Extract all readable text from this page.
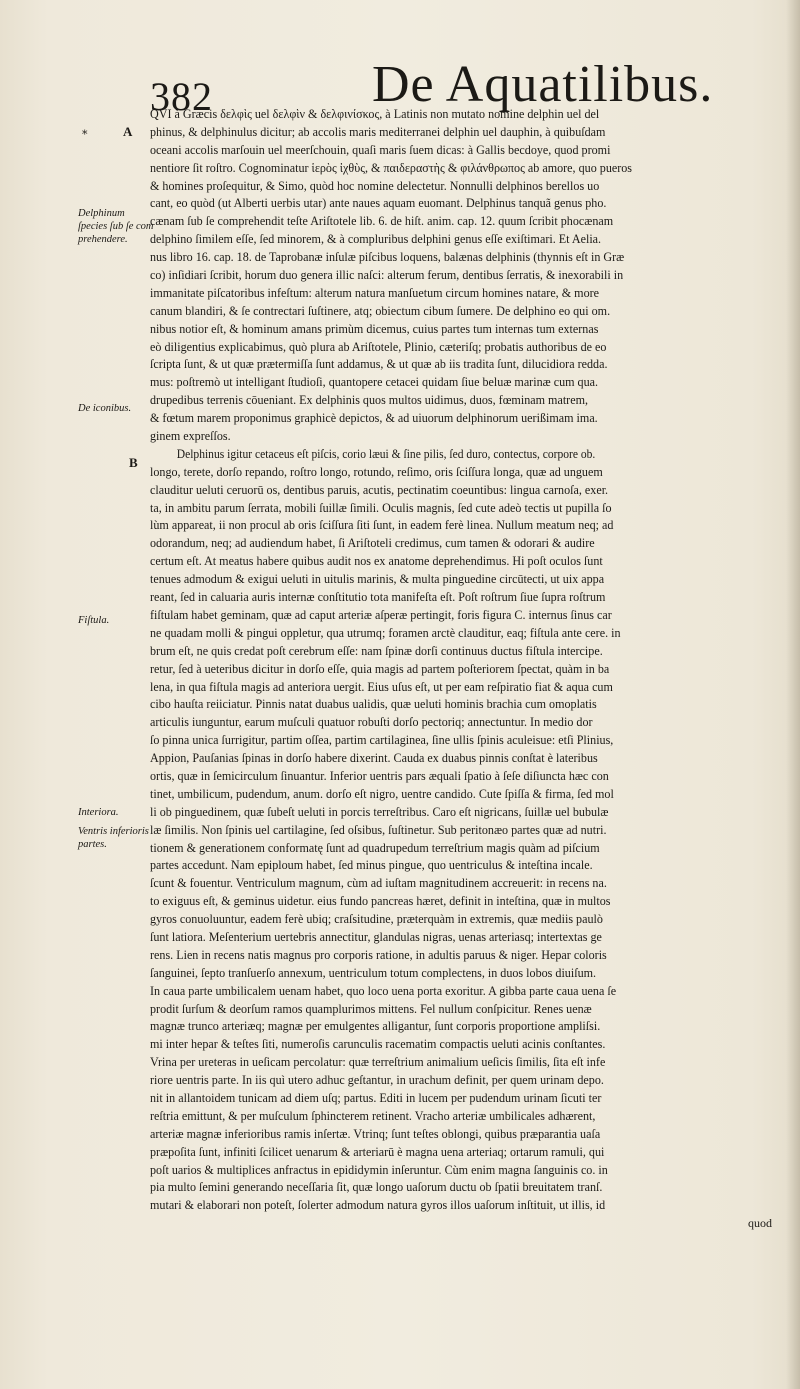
382	De Aquatilibus.
*	A
B
Delphinum ſpecies ſub ſe com prehendere.
De iconibus.
Fiſtula.
Interiora.
Ventris inferioris partes.
QVI à Græcis δελφὶς uel δελφὶν & δελφινίσκος, à Latinis non mutato nomine delphin uel del
phinus, & delphinulus dicitur; ab accolis maris mediterranei delphin uel dauphin, à quibuſdam
oceani accolis marſouin uel meerſchouin, quaſi maris ſuem dicas: à Gallis becdoye, quod promi
nentiore ſit roſtro. Cognominatur ἱερὸς ἰχθὺς, & παιδεραστὴς & φιλάνθρωπος ab amore, quo pueros
& homines proſequitur, & Simo, quòd hoc nomine delectetur. Nonnulli delphinos berellos uo
cant, eo quòd (ut Alberti uerbis utar) ante naues aquam euomant. Delphinus tanquã genus pho.
cænam ſub ſe comprehendit teſte Ariſtotele lib. 6. de hiſt. anim. cap. 12. quum ſcribit phocænam
delphino ſimilem eſſe, ſed minorem, & à compluribus delphini genus eſſe exiſtimari. Et Aelia.
nus libro 16. cap. 18. de Taprobanæ inſulæ piſcibus loquens, balænas delphinis (thynnis eſt in Græ
co) inſidiari ſcribit, horum duo genera illic naſci: alterum ferum, dentibus ſerratis, & inexorabili in
immanitate piſcatoribus infeſtum: alterum natura manſuetum circum homines natare, & more
canum blandiri, & ſe contrectari ſuſtinere, atq; obiectum cibum ſumere. De delphino eo qui om.
nibus notior eſt, & hominum amans primùm dicemus, cuius partes tum internas tum externas
eò diligentius explicabimus, quò plura ab Ariſtotele, Plinio, cæteriſq; probatis authoribus de eo
ſcripta ſunt, & ut quæ prætermiſſa ſunt addamus, & ut quæ ab iis tradita ſunt, dilucidiora redda.
mus: poſtremò ut intelligant ſtudioſi, quantopere cetacei quidam ſiue beluæ marinæ cum qua.
drupedibus terrenis cōueniant. Ex delphinis quos multos uidimus, duos, fœminam matrem,
& fœtum marem proponimus graphicè depictos, & ad uiuorum delphinorum uerißimam ima.
ginem expreſſos.
Delphinus igitur cetaceus eſt piſcis, corio læui & ſine pilis, ſed duro, contectus, corpore ob.
longo, terete, dorſo repando, roſtro longo, rotundo, reſimo, oris ſciſſura longa, quæ ad unguem
clauditur ueluti ceruorū os, dentibus paruis, acutis, pectinatim coeuntibus: lingua carnoſa, exer.
ta, in ambitu parum ſerrata, mobili ſuillæ ſimili. Oculis magnis, ſed cute adeò tectis ut pupilla ſo
lùm appareat, ii non procul ab oris ſciſſura ſiti ſunt, in eadem ferè linea. Nullum meatum neq; ad
odorandum, neq; ad audiendum habet, ſi Ariſtoteli credimus, cum tamen & odorari & audire
certum eſt. At meatus habere quibus audit nos ex anatome deprehendimus. Hi poſt oculos ſunt
tenues admodum & exigui ueluti in uitulis marinis, & multa pinguedine circūtecti, ut uix appa
reant, ſed in caluaria auris internæ conſtitutio tota manifeſta eſt. Poſt roſtrum ſiue ſupra roſtrum
fiſtulam habet geminam, quæ ad caput arteriæ aſperæ pertingit, foris figura C. internus ſinus car
ne quadam molli & pingui oppletur, qua utrumq; foramen arctè clauditur, eaq; fiſtula ante cere. in
brum eſt, ne quis credat poſt cerebrum eſſe: nam ſpinæ dorſi continuus ductus fiſtula intercipe.
retur, ſed à ueteribus dicitur in dorſo eſſe, quia magis ad partem poſteriorem ſpectat, quàm in ba
lena, in qua fiſtula magis ad anteriora uergit. Eius uſus eſt, ut per eam reſpiratio fiat & aqua cum
cibo hauſta reiiciatur. Pinnis natat duabus ualidis, quæ ueluti hominis brachia cum omoplatis
articulis iunguntur, earum muſculi quatuor robuſti dorſo pectoriq; annectuntur. In medio dor
ſo pinna unica ſurrigitur, partim oſſea, partim cartilaginea, ſine ullis ſpinis aculeisue: etſi Plinius,
Appion, Pauſanias ſpinas in dorſo habere dixerint. Cauda ex duabus pinnis conſtat è lateribus
ortis, quæ in ſemicirculum ſinuantur. Inferior uentris pars æquali ſpatio à ſeſe diſiuncta hæc con
tinet, umbilicum, pudendum, anum. dorſo eſt nigro, uentre candido. Cute ſpiſſa & firma, ſed mol
li ob pinguedinem, quæ ſubeſt ueluti in porcis terreſtribus. Caro eſt nigricans, ſuillæ uel bubulæ
læ ſimilis. Non ſpinis uel cartilagine, ſed oſsibus, ſuſtinetur. Sub peritonæo partes quæ ad nutri.
tionem & generationem conformatę ſunt ad quadrupedum terreſtrium magis quàm ad piſcium
partes accedunt. Nam epiploum habet, ſed minus pingue, quo uentriculus & inteſtina incale.
ſcunt & fouentur. Ventriculum magnum, cùm ad iuſtam magnitudinem accreuerit: in recens na.
to exiguus eſt, & geminus uidetur. eius fundo pancreas hæret, definit in inteſtina, quæ in multos
gyros conuoluuntur, eadem ferè ubiq; craſsitudine, præterquàm in extremis, quæ mediis paulò
ſunt latiora. Meſenterium uertebris annectitur, glandulas nigras, uenas arteriasq; intertextas ge
rens. Lien in recens natis magnus pro corporis ratione, in adultis paruus & niger. Hepar coloris
ſanguinei, ſepto tranſuerſo annexum, uentriculum totum complectens, in duos lobos diuiſum.
In caua parte umbilicalem uenam habet, quo loco uena porta exoritur. A gibba parte caua uena ſe
prodit ſurſum & deorſum ramos quamplurimos mittens. Fel nullum conſpicitur. Renes uenæ
magnæ trunco arteriæq; magnæ per emulgentes alligantur, ſunt corporis proportione ampliſsi.
mi inter hepar & teſtes ſiti, numeroſis carunculis racematim compactis ueluti acinis conſtantes.
Vrina per ureteras in ueſicam percolatur: quæ terreſtrium animalium ueſicis ſimilis, ſita eſt infe
riore uentris parte. In iis quì utero adhuc geſtantur, in urachum definit, per quem urinam depo.
nit in allantoidem tunicam ad diem uſq; partus. Editi in lucem per pudendum urinam ſicuti ter
reſtria emittunt, & per muſculum ſphincterem retinent. Vracho arteriæ umbilicales adhærent,
arteriæ magnæ inferioribus ramis inſertæ. Vtrinq; ſunt teſtes oblongi, quibus præparantia uaſa
præpoſita ſunt, infiniti ſcilicet uenarum & arteriarū è magna uena arteriaq; ortarum ramuli, qui
poſt uarios & multiplices anfractus in epididymin inſeruntur. Cùm enim magna ſanguinis co. in
pia multo ſemini generando neceſſaria ſit, quæ longo uaſorum ductu ob ſpatii breuitatem tranſ.
mutari & elaborari non poteſt, ſolerter admodum natura gyros illos uaſorum inſtituit, ut illis, id
quod
